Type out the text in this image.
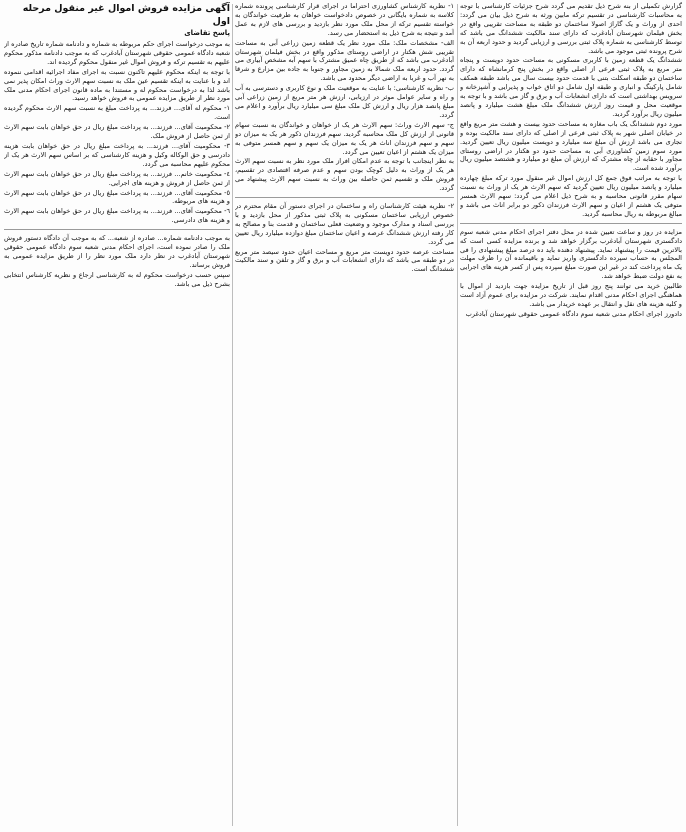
گزارش تکمیلی از بنه شرح ذیل تقدیم می گردد شرح جزئیات کارشناسی با توجه به محاسبات کارشناسی در تقسیم ترکه مابین ورثه به شرح ذیل بیان می گردد: احدی از وراث و یک گاراژ اصولا ساختمان دو طبقه به مساحت تقریبی واقع در بخش فیلمان شهرستان آبادغرب که دارای سند مالکیت ششدانگ می باشد که توسط کارشناسی به شماره پلاک ثبتی بررسی و ارزیابی گردید و حدود اربعه آن به شرح پرونده ثبتی موجود می باشد.

ششدانگ یک قطعه زمین با کاربری مسکونی به مساحت حدود دویست و پنجاه متر مربع به پلاک ثبتی فرعی از اصلی واقع در بخش پنج کرمانشاه که دارای ساختمان دو طبقه اسکلت بتنی با قدمت حدود بیست سال می باشد طبقه همکف شامل پارکینگ و انباری و طبقه اول شامل دو اتاق خواب و پذیرایی و آشپزخانه و سرویس بهداشتی است که دارای انشعابات آب و برق و گاز می باشد و با توجه به موقعیت محل و قیمت روز ارزش ششدانگ ملک مبلغ هشت میلیارد و پانصد میلیون ریال برآورد گردید.

مورد دوم ششدانگ یک باب مغازه به مساحت حدود بیست و هشت متر مربع واقع در خیابان اصلی شهر به پلاک ثبتی فرعی از اصلی که دارای سند مالکیت بوده و تجاری می باشد ارزش آن مبلغ سه میلیارد و دویست میلیون ریال تعیین گردید. مورد سوم زمین کشاورزی آبی به مساحت حدود دو هکتار در اراضی روستای مجاور با حقابه از چاه مشترک که ارزش آن مبلغ دو میلیارد و هشتصد میلیون ریال برآورد شده است.

با توجه به مراتب فوق جمع کل ارزش اموال غیر منقول مورد ترکه مبلغ چهارده میلیارد و پانصد میلیون ریال تعیین گردید که سهم الارث هر یک از وراث به نسبت سهام مقرر قانونی محاسبه و به شرح ذیل اعلام می گردد: سهم الارث همسر متوفی یک هشتم از اعیان و سهم الارث فرزندان ذکور دو برابر اناث می باشد و مبالغ مربوطه به ریال محاسبه گردید.

مزایده در روز و ساعت تعیین شده در محل دفتر اجرای احکام مدنی شعبه سوم دادگستری شهرستان آبادغرب برگزار خواهد شد و برنده مزایده کسی است که بالاترین قیمت را پیشنهاد نماید. پیشنهاد دهنده باید ده درصد مبلغ پیشنهادی را فی المجلس به حساب سپرده دادگستری واریز نماید و باقیمانده آن را ظرف مهلت یک ماه پرداخت کند در غیر این صورت مبلغ سپرده پس از کسر هزینه های اجرایی به نفع دولت ضبط خواهد شد.

طالبین خرید می توانند پنج روز قبل از تاریخ مزایده جهت بازدید از اموال با هماهنگی اجرای احکام مدنی اقدام نمایند. شرکت در مزایده برای عموم آزاد است و کلیه هزینه های نقل و انتقال بر عهده خریدار می باشد.

دادورز اجرای احکام مدنی شعبه سوم دادگاه عمومی حقوقی شهرستان آبادغرب

١- نظریه کارشناس کشاورزی احتراما در اجرای قرار کارشناسی پرونده شماره کلاسه به شماره بایگانی در خصوص دادخواست خواهان به طرفیت خواندگان به خواسته تقسیم ترکه از محل ملک مورد نظر بازدید و بررسی های لازم به عمل آمد و نتیجه به شرح ذیل به استحضار می رسد.

الف- مشخصات ملک: ملک مورد نظر یک قطعه زمین زراعی آبی به مساحت تقریبی شش هکتار در اراضی روستای مذکور واقع در بخش فیلمان شهرستان آبادغرب می باشد که از طریق چاه عمیق مشترک با سهم آبه مشخص آبیاری می گردد. حدود اربعه ملک شمالا به زمین مجاور و جنوبا به جاده بین مزارع و شرقا به نهر آب و غربا به اراضی دیگر محدود می باشد.

ب- نظریه کارشناسی: با عنایت به موقعیت ملک و نوع کاربری و دسترسی به آب و راه و سایر عوامل موثر در ارزیابی، ارزش هر متر مربع از زمین زراعی آبی مبلغ پانصد هزار ریال و ارزش کل ملک مبلغ سی میلیارد ریال برآورد و اعلام می گردد.

ج- سهم الارث وراث: سهم الارث هر یک از خواهان و خواندگان به نسبت سهام قانونی از ارزش کل ملک محاسبه گردید. سهم فرزندان ذکور هر یک به میزان دو سهم و سهم فرزندان اناث هر یک به میزان یک سهم و سهم همسر متوفی به میزان یک هشتم از اعیان تعیین می گردد.

به نظر اینجانب با توجه به عدم امکان افراز ملک مورد نظر به نسبت سهم الارث هر یک از وراث به دلیل کوچک بودن سهم و عدم صرفه اقتصادی در تقسیم، فروش ملک و تقسیم ثمن حاصله بین وراث به نسبت سهم الارث پیشنهاد می گردد.

٢- نظریه هیئت کارشناسان راه و ساختمان در اجرای دستور آن مقام محترم در خصوص ارزیابی ساختمان مسکونی به پلاک ثبتی مذکور از محل بازدید و با بررسی اسناد و مدارک موجود و وضعیت فعلی ساختمان و قدمت بنا و مصالح به کار رفته ارزش ششدانگ عرصه و اعیان ساختمان مبلغ دوازده میلیارد ریال تعیین می گردد.

مساحت عرصه حدود دویست متر مربع و مساحت اعیان حدود سیصد متر مربع در دو طبقه می باشد که دارای انشعابات آب و برق و گاز و تلفن و سند مالکیت ششدانگ است.

آگهی مزایده فروش اموال غیر منقول مرحله اول
پاسخ تقاضای

به موجب درخواست اجرای حکم مربوطه به شماره و دادنامه شماره تاریخ صادره از شعبه دادگاه عمومی حقوقی شهرستان آبادغرب که به موجب دادنامه مذکور محکوم علیهم به تقسیم ترکه و فروش اموال غیر منقول محکوم گردیده اند.

با توجه به اینکه محکوم علیهم تاکنون نسبت به اجرای مفاد اجرائیه اقدامی ننموده اند و با عنایت به اینکه تقسیم عین ملک به نسبت سهم الارث وراث امکان پذیر نمی باشد لذا به درخواست محکوم له و مستندا به ماده قانون اجرای احکام مدنی ملک مورد نظر از طریق مزایده عمومی به فروش خواهد رسید.

١- محکوم له آقای... فرزند... به پرداخت مبلغ به نسبت سهم الارث محکوم گردیده است.

٢- محکومیت آقای... فرزند... به پرداخت مبلغ ریال در حق خواهان بابت سهم الارث از ثمن حاصل از فروش ملک.

٣- محکومیت آقای... فرزند... به پرداخت مبلغ ریال در حق خواهان بابت هزینه دادرسی و حق الوکاله وکیل و هزینه کارشناسی که بر اساس سهم الارث هر یک از محکوم علیهم محاسبه می گردد.

٤- محکومیت خانم... فرزند... به پرداخت مبلغ ریال در حق خواهان بابت سهم الارث از ثمن حاصل از فروش و هزینه های اجرایی.

٥- محکومیت آقای... فرزند... به پرداخت مبلغ ریال در حق خواهان بابت سهم الارث و هزینه های مربوطه.

٦- محکومیت آقای... فرزند... به پرداخت مبلغ ریال در حق خواهان بابت سهم الارث و هزینه های دادرسی.

به موجب دادنامه شماره... صادره از شعبه... که به موجب آن دادگاه دستور فروش ملک را صادر نموده است، اجرای احکام مدنی شعبه سوم دادگاه عمومی حقوقی شهرستان آبادغرب در نظر دارد ملک مورد نظر را از طریق مزایده عمومی به فروش برساند.

سپس حسب درخواست محکوم له به کارشناسی ارجاع و نظریه کارشناس انتخابی بشرح ذیل می باشد.
